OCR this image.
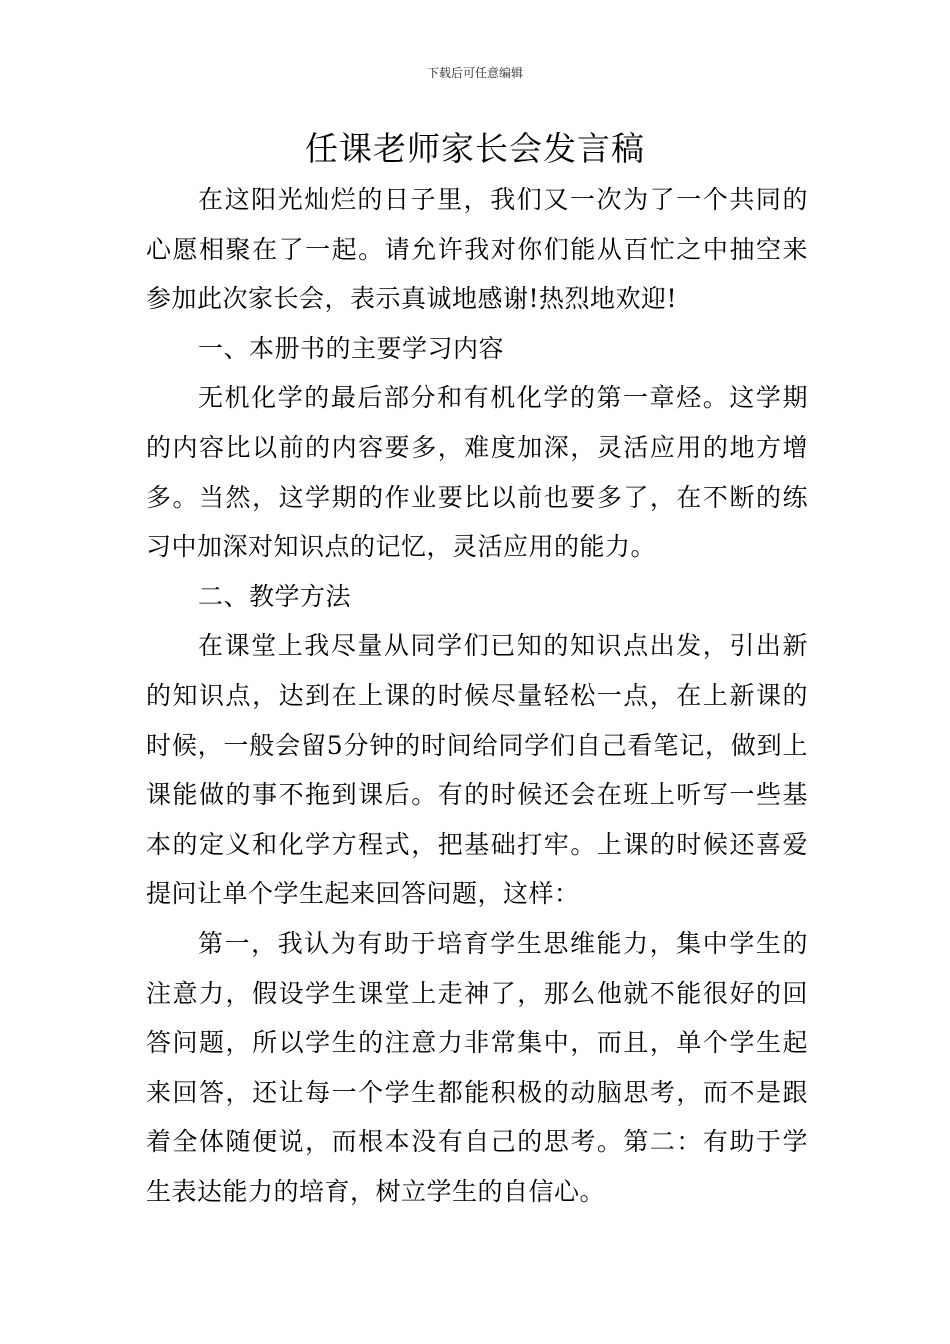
下载后可任意编辑
任课老师家长会发言稿

在这阳光灿烂的日子里，我们又一次为了一个共同的心愿相聚在了一起。请允许我对你们能从百忙之中抽空来参加此次家长会，表示真诚地感谢!热烈地欢迎!

一、本册书的主要学习内容

无机化学的最后部分和有机化学的第一章烃。这学期的内容比以前的内容要多，难度加深，灵活应用的地方增多。当然，这学期的作业要比以前也要多了，在不断的练习中加深对知识点的记忆，灵活应用的能力。

二、教学方法

在课堂上我尽量从同学们已知的知识点出发，引出新的知识点，达到在上课的时候尽量轻松一点，在上新课的时候，一般会留5分钟的时间给同学们自己看笔记，做到上课能做的事不拖到课后。有的时候还会在班上听写一些基本的定义和化学方程式，把基础打牢。上课的时候还喜爱提问让单个学生起来回答问题，这样：

第一，我认为有助于培育学生思维能力，集中学生的注意力，假设学生课堂上走神了，那么他就不能很好的回答问题，所以学生的注意力非常集中，而且，单个学生起来回答，还让每一个学生都能积极的动脑思考，而不是跟着全体随便说，而根本没有自己的思考。第二：有助于学生表达能力的培育，树立学生的自信心。
